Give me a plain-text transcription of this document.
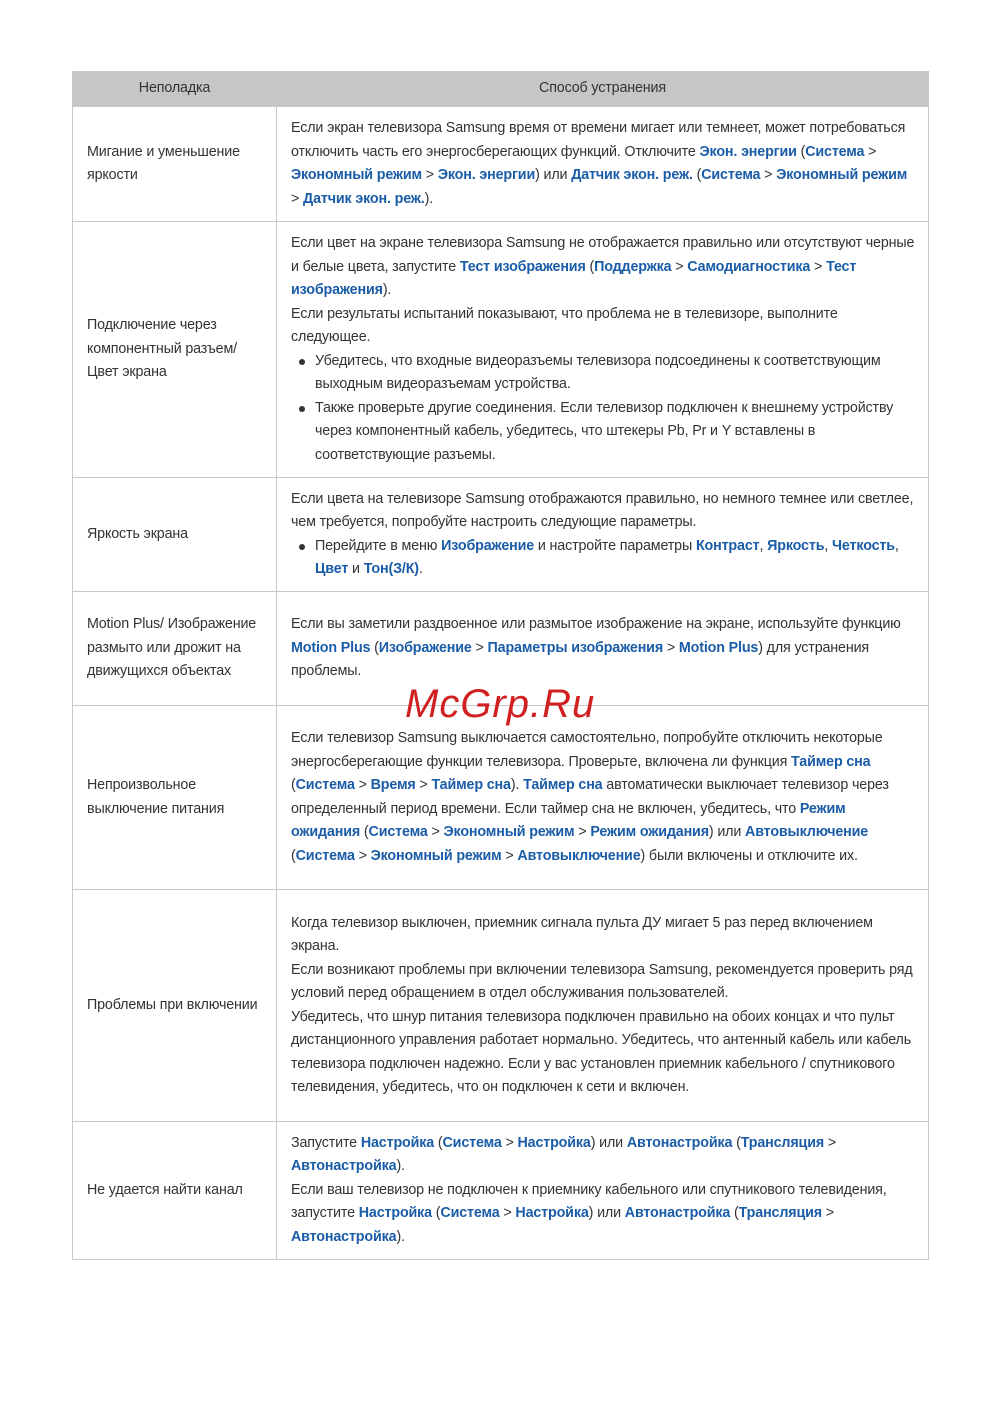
Неполадка	Способ устранения
Мигание и уменьшение яркости	Если экран телевизора Samsung время от времени мигает или темнеет, может потребоваться отключить часть его энергосберегающих функций. Отключите Экон. энергии (Система > Экономный режим > Экон. энергии) или Датчик экон. реж. (Система > Экономный режим > Датчик экон. реж.).

Подключение через компонентный разъем/ Цвет экрана	Если цвет на экране телевизора Samsung не отображается правильно или отсутствуют черные и белые цвета, запустите Тест изображения (Поддержка > Самодиагностика > Тест изображения).
Если результаты испытаний показывают, что проблема не в телевизоре, выполните следующее.
Убедитесь, что входные видеоразъемы телевизора подсоединены к соответствующим выходным видеоразъемам устройства.
Также проверьте другие соединения. Если телевизор подключен к внешнему устройству через компонентный кабель, убедитесь, что штекеры Pb, Pr и Y вставлены в соответствующие разъемы.

Яркость экрана	Если цвета на телевизоре Samsung отображаются правильно, но немного темнее или светлее, чем требуется, попробуйте настроить следующие параметры.
Перейдите в меню Изображение и настройте параметры Контраст, Яркость, Четкость, Цвет и Тон(З/К).

Motion Plus/ Изображение размыто или дрожит на движущихся объектах	Если вы заметили раздвоенное или размытое изображение на экране, используйте функцию Motion Plus (Изображение > Параметры изображения > Motion Plus) для устранения проблемы.

Непроизвольное выключение питания	Если телевизор Samsung выключается самостоятельно, попробуйте отключить некоторые энергосберегающие функции телевизора. Проверьте, включена ли функция Таймер сна (Система > Время > Таймер сна). Таймер сна автоматически выключает телевизор через определенный период времени. Если таймер сна не включен, убедитесь, что Режим ожидания (Система > Экономный режим > Режим ожидания) или Автовыключение (Система > Экономный режим > Автовыключение) были включены и отключите их.

Проблемы при включении	Когда телевизор выключен, приемник сигнала пульта ДУ мигает 5 раз перед включением экрана.
Если возникают проблемы при включении телевизора Samsung, рекомендуется проверить ряд условий перед обращением в отдел обслуживания пользователей.
Убедитесь, что шнур питания телевизора подключен правильно на обоих концах и что пульт дистанционного управления работает нормально. Убедитесь, что антенный кабель или кабель телевизора подключен надежно. Если у вас установлен приемник кабельного / спутникового телевидения, убедитесь, что он подключен к сети и включен.

Не удается найти канал	Запустите Настройка (Система > Настройка) или Автонастройка (Трансляция > Автонастройка).
Если ваш телевизор не подключен к приемнику кабельного или спутникового телевидения, запустите Настройка (Система > Настройка) или Автонастройка (Трансляция > Автонастройка).
McGrp.Ru
